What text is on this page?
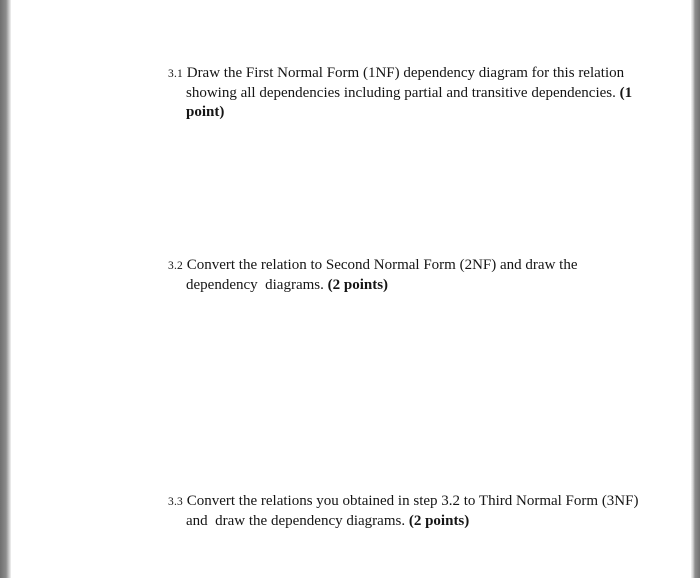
3.1 Draw the First Normal Form (1NF) dependency diagram for this relation
showing all dependencies including partial and transitive dependencies. (1
point)
3.2 Convert the relation to Second Normal Form (2NF) and draw the
dependency  diagrams. (2 points)
3.3 Convert the relations you obtained in step 3.2 to Third Normal Form (3NF)
and  draw the dependency diagrams. (2 points)
